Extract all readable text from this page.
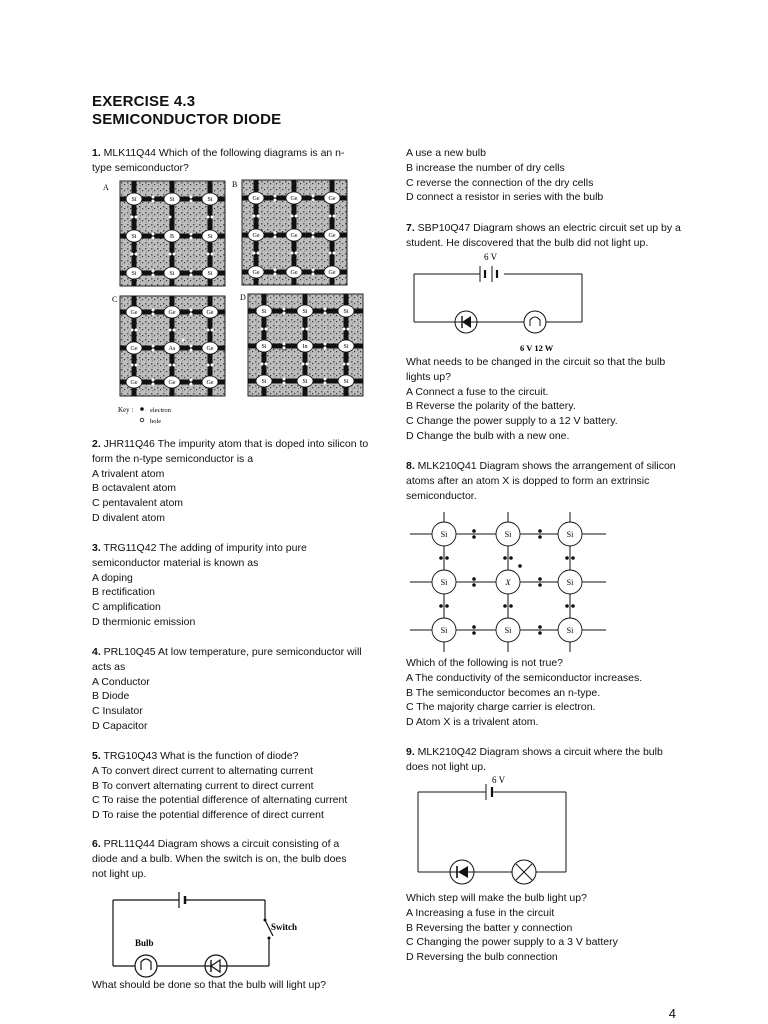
EXERCISE 4.3
SEMICONDUCTOR DIODE

1. MLK11Q44 Which of the following diagrams is an n-type semiconductor?

A	B
C	D
Si	Si	Si
Si	B	Si
Si	Si	Si
Ge	Ge	Ge
Ge	Ge	Ge
Ge	Ge	Ge
Ge	Ge	Ge
Ge	As	Ge
Ge	Ge	Ge
Si	Si	Si
Si	In	Si
Si	Si	Si
Key :	electron
hole

2. JHR11Q46 The impurity atom that is doped into silicon to form the n-type semiconductor is a

A trivalent atom

B octavalent atom

C pentavalent atom

D divalent atom

3. TRG11Q42 The adding of impurity into pure semiconductor material is known as

A doping

B rectification

C amplification

D thermionic emission

4. PRL10Q45 At low temperature, pure semiconductor will acts as

A Conductor

B Diode

C Insulator

D Capacitor

5. TRG10Q43 What is the function of diode?

A To convert direct current to alternating current

B To convert alternating current to direct current

C To raise the potential difference of alternating current

D To raise the potential difference of direct current

6. PRL11Q44 Diagram shows a circuit consisting of a diode and a bulb. When the switch is on, the bulb does not light up.

Bulb
Switch
What should be done so that the bulb will light up?

A use a new bulb

B increase the number of dry cells

C reverse the connection of the dry cells

D connect a resistor in series with the bulb

7. SBP10Q47 Diagram shows an electric circuit set up by a student. He discovered that the bulb did not light up.

6 V
6 V 12 W

What needs to be changed in the circuit so that the bulb lights up?

A Connect a fuse to the circuit.

B Reverse the polarity of the battery.

C Change the power supply to a 12 V battery.

D Change the bulb with a new one.

8. MLK210Q41 Diagram shows the arrangement of silicon atoms after an atom X is dopped to form an extrinsic semiconductor.

Si	Si	Si
Si	X	Si
Si	Si	Si

Which of the following is not true?

A The conductivity of the semiconductor increases.

B The semiconductor becomes an n-type.

C The majority charge carrier is electron.

D Atom X is a trivalent atom.

9. MLK210Q42 Diagram shows a circuit where the bulb does not light up.

6 V

Which step will make the bulb light up?

A Increasing a fuse in the circuit

B Reversing the batter y connection

C Changing the power supply to a 3 V battery

D Reversing the bulb connection

4
